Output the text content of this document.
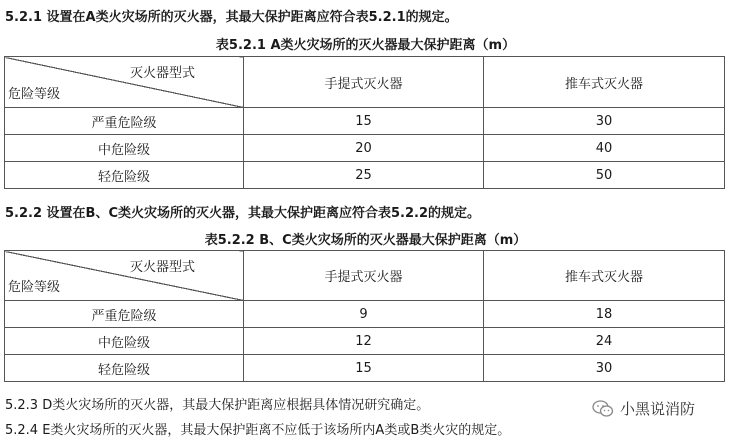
5.2.1 设置在A类火灾场所的灭火器，其最大保护距离应符合表5.2.1的规定。
表5.2.1 A类火灾场所的灭火器最大保护距离（m）
灭火器型式
危险等级	手提式灭火器	推车式灭火器
严重危险级	15	30
中危险级	20	40
轻危险级	25	50
5.2.2 设置在B、C类火灾场所的灭火器，其最大保护距离应符合表5.2.2的规定。
表5.2.2 B、C类火灾场所的灭火器最大保护距离（m）
灭火器型式
危险等级	手提式灭火器	推车式灭火器
严重危险级	9	18
中危险级	12	24
轻危险级	15	30
5.2.3 D类火灾场所的灭火器，其最大保护距离应根据具体情况研究确定。
5.2.4 E类火灾场所的灭火器，其最大保护距离不应低于该场所内A类或B类火灾的规定。
小黑说消防
